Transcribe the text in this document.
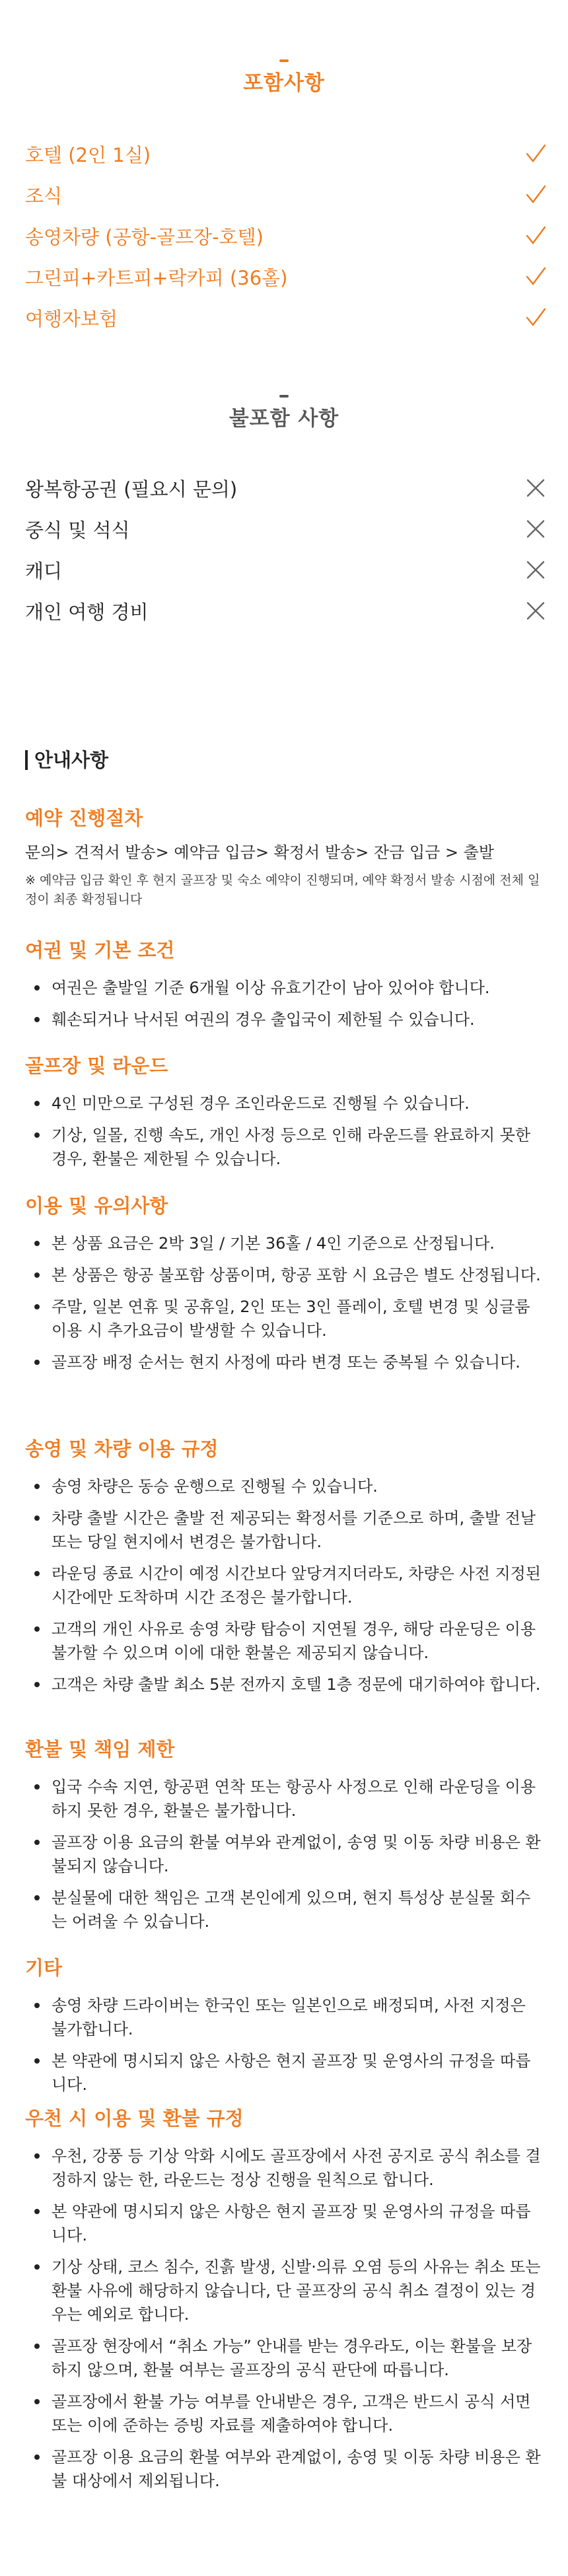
포함사항
호텔 (2인 1실)
조식
송영차량 (공항-골프장-호텔)
그린피+카트피+락카피 (36홀)
여행자보험
불포함 사항
왕복항공권 (필요시 문의)
중식 및 석식
캐디
개인 여행 경비
안내사항

예약 진행절차

문의> 견적서 발송> 예약금 입금> 확정서 발송> 잔금 입금 > 출발

※ 예약금 입금 확인 후 현지 골프장 및 숙소 예약이 진행되며, 예약 확정서 발송 시점에 전체 일정이 최종 확정됩니다

여권 및 기본 조건

여권은 출발일 기준 6개월 이상 유효기간이 남아 있어야 합니다.
훼손되거나 낙서된 여권의 경우 출입국이 제한될 수 있습니다.

골프장 및 라운드

4인 미만으로 구성된 경우 조인라운드로 진행될 수 있습니다.
기상, 일몰, 진행 속도, 개인 사정 등으로 인해 라운드를 완료하지 못한 경우, 환불은 제한될 수 있습니다.

이용 및 유의사항

본 상품 요금은 2박 3일 / 기본 36홀 / 4인 기준으로 산정됩니다.
본 상품은 항공 불포함 상품이며, 항공 포함 시 요금은 별도 산정됩니다.
주말, 일본 연휴 및 공휴일, 2인 또는 3인 플레이, 호텔 변경 및 싱글룸 이용 시 추가요금이 발생할 수 있습니다.
골프장 배정 순서는 현지 사정에 따라 변경 또는 중복될 수 있습니다.

송영 및 차량 이용 규정

송영 차량은 동승 운행으로 진행될 수 있습니다.
차량 출발 시간은 출발 전 제공되는 확정서를 기준으로 하며, 출발 전날 또는 당일 현지에서 변경은 불가합니다.
라운딩 종료 시간이 예정 시간보다 앞당겨지더라도, 차량은 사전 지정된 시간에만 도착하며 시간 조정은 불가합니다.
고객의 개인 사유로 송영 차량 탑승이 지연될 경우, 해당 라운딩은 이용 불가할 수 있으며 이에 대한 환불은 제공되지 않습니다.
고객은 차량 출발 최소 5분 전까지 호텔 1층 정문에 대기하여야 합니다.

환불 및 책임 제한

입국 수속 지연, 항공편 연착 또는 항공사 사정으로 인해 라운딩을 이용하지 못한 경우, 환불은 불가합니다.
골프장 이용 요금의 환불 여부와 관계없이, 송영 및 이동 차량 비용은 환불되지 않습니다.
분실물에 대한 책임은 고객 본인에게 있으며, 현지 특성상 분실물 회수는 어려울 수 있습니다.

기타

송영 차량 드라이버는 한국인 또는 일본인으로 배정되며, 사전 지정은 불가합니다.
본 약관에 명시되지 않은 사항은 현지 골프장 및 운영사의 규정을 따릅니다.

우천 시 이용 및 환불 규정

우천, 강풍 등 기상 악화 시에도 골프장에서 사전 공지로 공식 취소를 결정하지 않는 한, 라운드는 정상 진행을 원칙으로 합니다.
본 약관에 명시되지 않은 사항은 현지 골프장 및 운영사의 규정을 따릅니다.
기상 상태, 코스 침수, 진흙 발생, 신발·의류 오염 등의 사유는 취소 또는 환불 사유에 해당하지 않습니다, 단 골프장의 공식 취소 결정이 있는 경우는 예외로 합니다.
골프장 현장에서 “취소 가능” 안내를 받는 경우라도, 이는 환불을 보장하지 않으며, 환불 여부는 골프장의 공식 판단에 따릅니다.
골프장에서 환불 가능 여부를 안내받은 경우, 고객은 반드시 공식 서면 또는 이에 준하는 증빙 자료를 제출하여야 합니다.
골프장 이용 요금의 환불 여부와 관계없이, 송영 및 이동 차량 비용은 환불 대상에서 제외됩니다.
